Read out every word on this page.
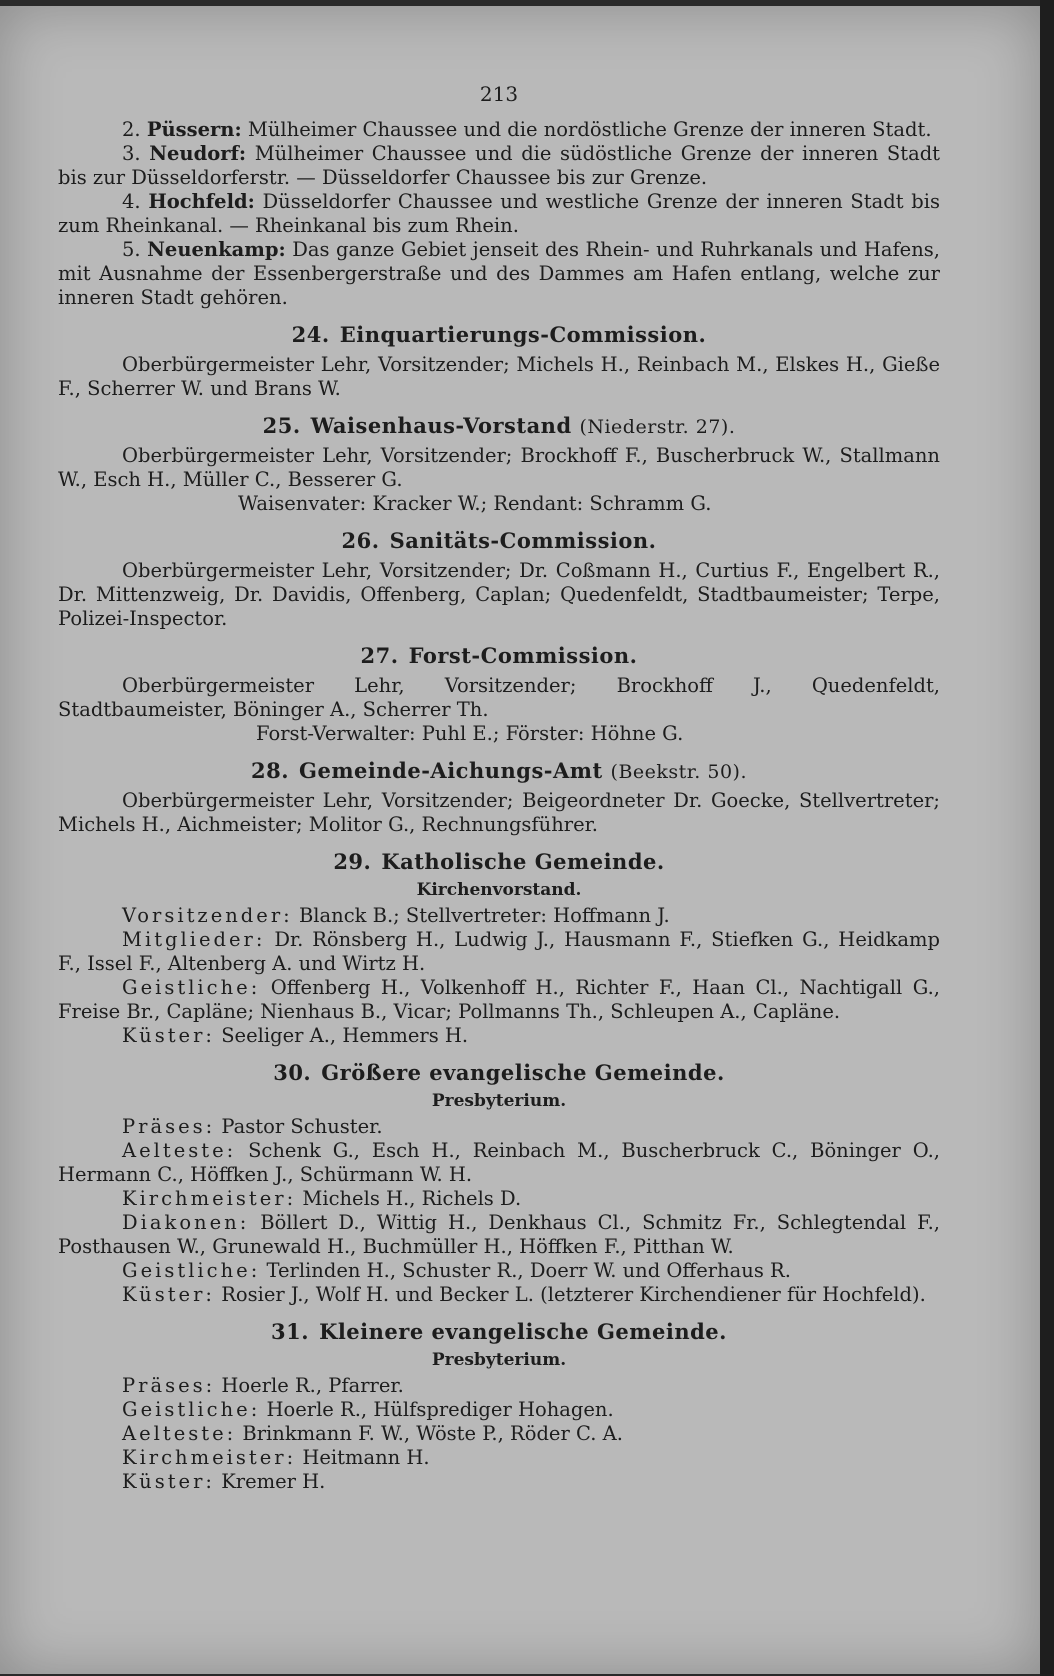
213

2. Püssern: Mülheimer Chaussee und die nordöstliche Grenze der inneren Stadt.

3. Neudorf: Mülheimer Chaussee und die südöstliche Grenze der inneren Stadt bis zur Düsseldorferstr. — Düsseldorfer Chaussee bis zur Grenze.

4. Hochfeld: Düsseldorfer Chaussee und westliche Grenze der inneren Stadt bis zum Rheinkanal. — Rheinkanal bis zum Rhein.

5. Neuenkamp: Das ganze Gebiet jenseit des Rhein- und Ruhrkanals und Hafens, mit Ausnahme der Essenbergerstraße und des Dammes am Hafen entlang, welche zur inneren Stadt gehören.

24. Einquartierungs-Commission.

Oberbürgermeister Lehr, Vorsitzender; Michels H., Reinbach M., Elskes H., Gieße F., Scherrer W. und Brans W.

25. Waisenhaus-Vorstand (Niederstr. 27).

Oberbürgermeister Lehr, Vorsitzender; Brockhoff F., Buscherbruck W., Stallmann W., Esch H., Müller C., Besserer G.

Waisenvater: Kracker W.; Rendant: Schramm G.

26. Sanitäts-Commission.

Oberbürgermeister Lehr, Vorsitzender; Dr. Coßmann H., Curtius F., Engelbert R., Dr. Mittenzweig, Dr. Davidis, Offenberg, Caplan; Quedenfeldt, Stadtbaumeister; Terpe, Polizei-Inspector.

27. Forst-Commission.

Oberbürgermeister Lehr, Vorsitzender; Brockhoff J., Quedenfeldt, Stadtbaumeister, Böninger A., Scherrer Th.

Forst-Verwalter: Puhl E.; Förster: Höhne G.

28. Gemeinde-Aichungs-Amt (Beekstr. 50).

Oberbürgermeister Lehr, Vorsitzender; Beigeordneter Dr. Goecke, Stellvertreter; Michels H., Aichmeister; Molitor G., Rechnungsführer.

29. Katholische Gemeinde.
Kirchenvorstand.

Vorsitzender: Blanck B.; Stellvertreter: Hoffmann J.

Mitglieder: Dr. Rönsberg H., Ludwig J., Hausmann F., Stiefken G., Heidkamp F., Issel F., Altenberg A. und Wirtz H.

Geistliche: Offenberg H., Volkenhoff H., Richter F., Haan Cl., Nachtigall G., Freise Br., Capläne; Nienhaus B., Vicar; Pollmanns Th., Schleupen A., Capläne.

Küster: Seeliger A., Hemmers H.

30. Größere evangelische Gemeinde.
Presbyterium.

Präses: Pastor Schuster.

Aelteste: Schenk G., Esch H., Reinbach M., Buscherbruck C., Böninger O., Hermann C., Höffken J., Schürmann W. H.

Kirchmeister: Michels H., Richels D.

Diakonen: Böllert D., Wittig H., Denkhaus Cl., Schmitz Fr., Schlegtendal F., Posthausen W., Grunewald H., Buchmüller H., Höffken F., Pitthan W.

Geistliche: Terlinden H., Schuster R., Doerr W. und Offerhaus R.

Küster: Rosier J., Wolf H. und Becker L. (letzterer Kirchendiener für Hochfeld).

31. Kleinere evangelische Gemeinde.
Presbyterium.

Präses: Hoerle R., Pfarrer.

Geistliche: Hoerle R., Hülfsprediger Hohagen.

Aelteste: Brinkmann F. W., Wöste P., Röder C. A.

Kirchmeister: Heitmann H.

Küster: Kremer H.
